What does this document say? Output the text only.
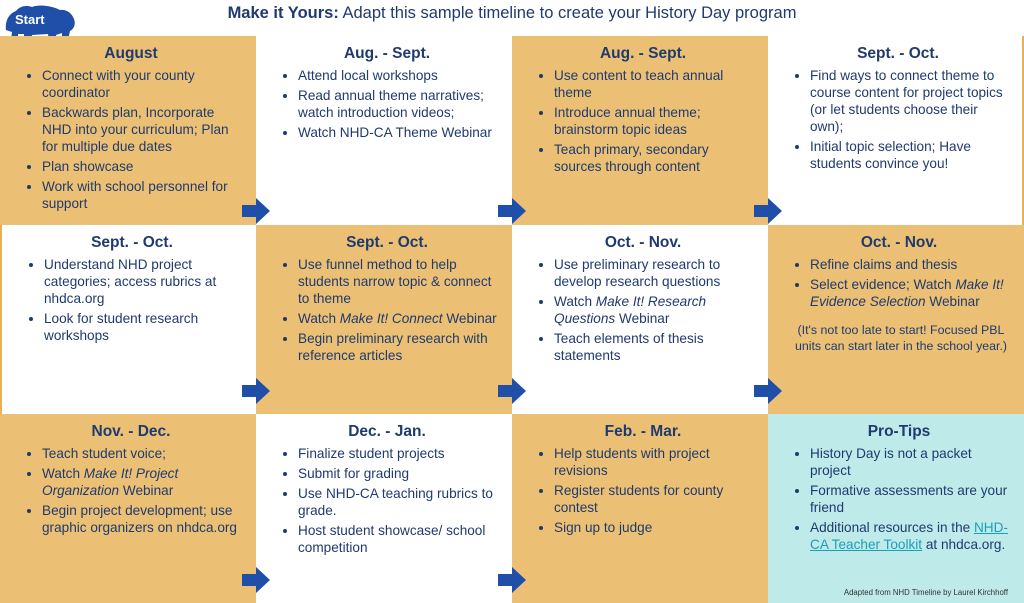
Start	Make it Yours: Adapt this sample timeline to create your History Day program
August
• Connect with your county coordinator
• Backwards plan, Incorporate NHD into your curriculum; Plan for multiple due dates
• Plan showcase
• Work with school personnel for support
Aug. - Sept.
• Attend local workshops
• Read annual theme narratives; watch introduction videos;
• Watch NHD-CA Theme Webinar
Aug. - Sept.
• Use content to teach annual theme
• Introduce annual theme; brainstorm topic ideas
• Teach primary, secondary sources through content
Sept. - Oct.
• Find ways to connect theme to course content for project topics (or let students choose their own);
• Initial topic selection; Have students convince you!
Sept. - Oct.
• Understand NHD project categories; access rubrics at nhdca.org
• Look for student research workshops
Sept. - Oct.
• Use funnel method to help students narrow topic & connect to theme
• Watch Make It! Connect Webinar
• Begin preliminary research with reference articles
Oct. - Nov.
• Use preliminary research to develop research questions
• Watch Make It! Research Questions Webinar
• Teach elements of thesis statements
Oct. - Nov.
• Refine claims and thesis
• Select evidence; Watch Make It! Evidence Selection Webinar
(It's not too late to start! Focused PBL units can start later in the school year.)
Nov. - Dec.
• Teach student voice;
• Watch Make It! Project Organization Webinar
• Begin project development; use graphic organizers on nhdca.org
Dec. - Jan.
• Finalize student projects
• Submit for grading
• Use NHD-CA teaching rubrics to grade.
• Host student showcase/ school competition
Feb. - Mar.
• Help students with project revisions
• Register students for county contest
• Sign up to judge
Pro-Tips
• History Day is not a packet project
• Formative assessments are your friend
• Additional resources in the NHD-CA Teacher Toolkit at nhdca.org.
Adapted from NHD Timeline by Laurel Kirchhoff
